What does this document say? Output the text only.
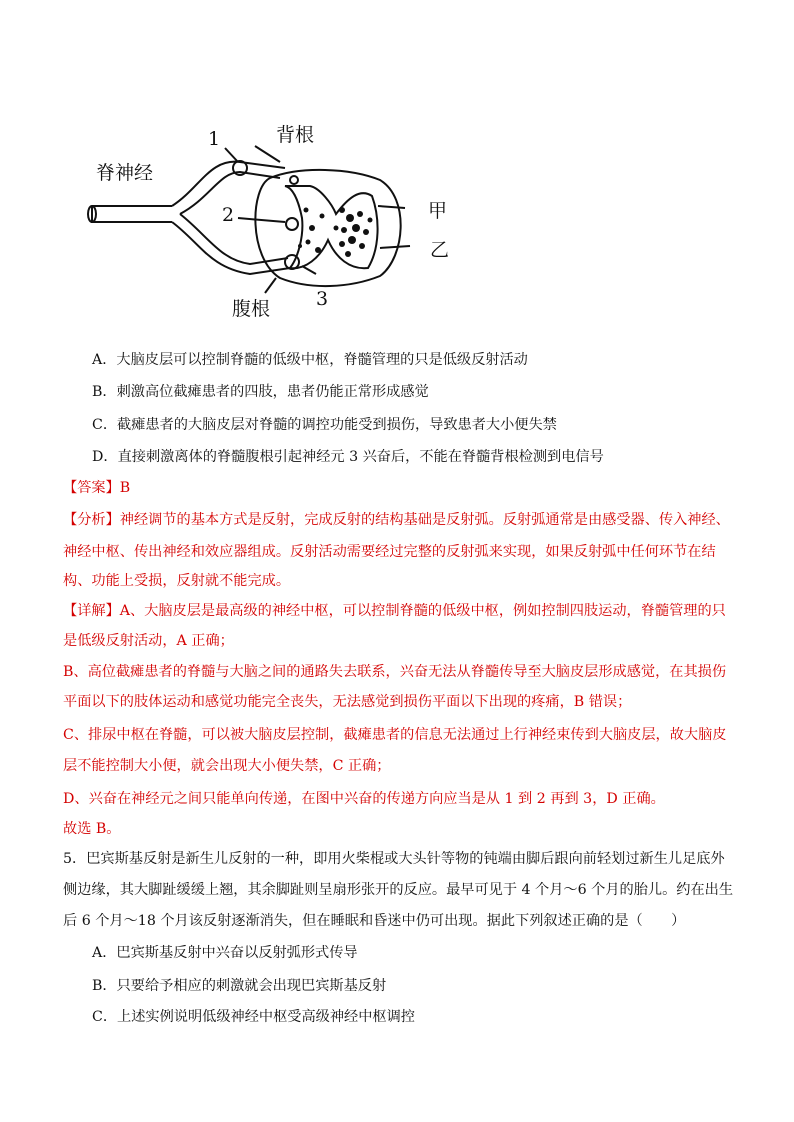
脊神经
1	背根
2	甲
乙
3
腹根
A．大脑皮层可以控制脊髓的低级中枢，脊髓管理的只是低级反射活动
B．刺激高位截瘫患者的四肢，患者仍能正常形成感觉
C．截瘫患者的大脑皮层对脊髓的调控功能受到损伤，导致患者大小便失禁
D．直接刺激离体的脊髓腹根引起神经元 3 兴奋后，不能在脊髓背根检测到电信号
【答案】B
【分析】神经调节的基本方式是反射，完成反射的结构基础是反射弧。反射弧通常是由感受器、传入神经、
神经中枢、传出神经和效应器组成。反射活动需要经过完整的反射弧来实现，如果反射弧中任何环节在结
构、功能上受损，反射就不能完成。
【详解】A、大脑皮层是最高级的神经中枢，可以控制脊髓的低级中枢，例如控制四肢运动，脊髓管理的只
是低级反射活动，A 正确；
B、高位截瘫患者的脊髓与大脑之间的通路失去联系，兴奋无法从脊髓传导至大脑皮层形成感觉，在其损伤
平面以下的肢体运动和感觉功能完全丧失，无法感觉到损伤平面以下出现的疼痛，B 错误；
C、排尿中枢在脊髓，可以被大脑皮层控制，截瘫患者的信息无法通过上行神经束传到大脑皮层，故大脑皮
层不能控制大小便，就会出现大小便失禁，C 正确；
D、兴奋在神经元之间只能单向传递，在图中兴奋的传递方向应当是从 1 到 2 再到 3，D 正确。
故选 B。
5．巴宾斯基反射是新生儿反射的一种，即用火柴棍或大头针等物的钝端由脚后跟向前轻划过新生儿足底外
侧边缘，其大脚趾缓缓上翘，其余脚趾则呈扇形张开的反应。最早可见于 4 个月～6 个月的胎儿。约在出生
后 6 个月～18 个月该反射逐渐消失，但在睡眠和昏迷中仍可出现。据此下列叙述正确的是（　　）
A．巴宾斯基反射中兴奋以反射弧形式传导
B．只要给予相应的刺激就会出现巴宾斯基反射
C．上述实例说明低级神经中枢受高级神经中枢调控
